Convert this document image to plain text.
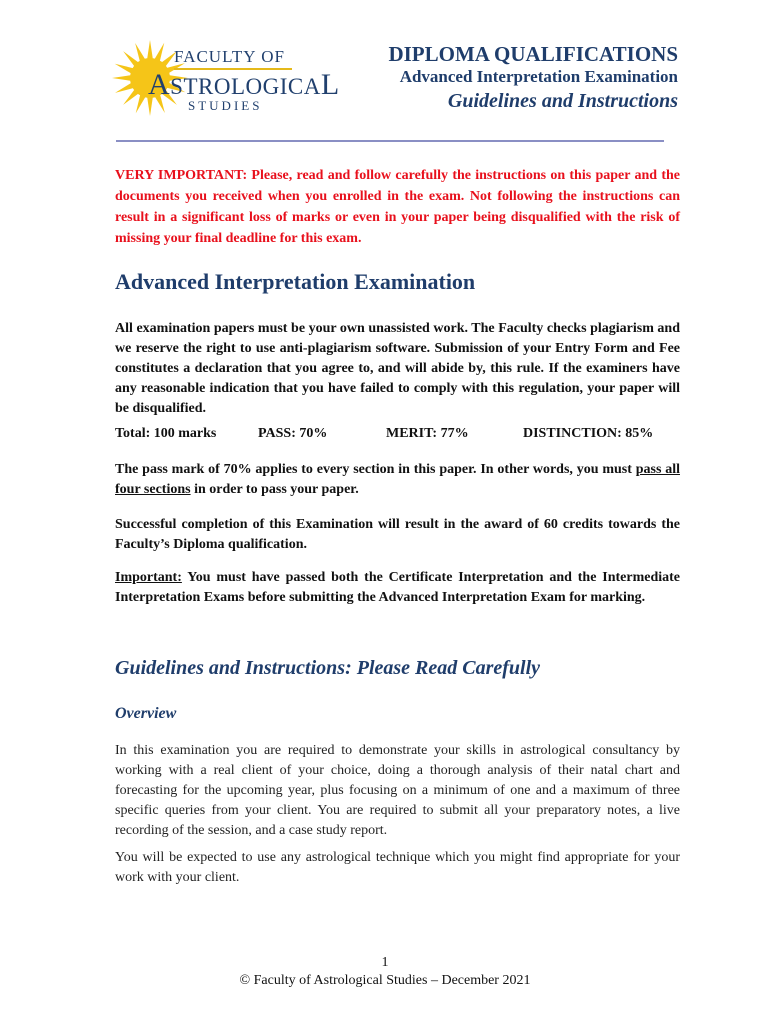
FACULTY OF
ASTROLOGICAL
STUDIES
DIPLOMA QUALIFICATIONS
Advanced Interpretation Examination
Guidelines and Instructions
VERY IMPORTANT: Please, read and follow carefully the instructions on this paper and the documents you received when you enrolled in the exam. Not following the instructions can result in a significant loss of marks or even in your paper being disqualified with the risk of missing your final deadline for this exam.
Advanced Interpretation Examination
All examination papers must be your own unassisted work. The Faculty checks plagiarism and we reserve the right to use anti-plagiarism software. Submission of your Entry Form and Fee constitutes a declaration that you agree to, and will abide by, this rule. If the examiners have any reasonable indication that you have failed to comply with this regulation, your paper will be disqualified.
Total: 100 marks	PASS: 70%	MERIT: 77%	DISTINCTION: 85%
The pass mark of 70% applies to every section in this paper. In other words, you must pass all four sections in order to pass your paper.
Successful completion of this Examination will result in the award of 60 credits towards the Faculty’s Diploma qualification.
Important: You must have passed both the Certificate Interpretation and the Intermediate Interpretation Exams before submitting the Advanced Interpretation Exam for marking.
Guidelines and Instructions: Please Read Carefully
Overview
In this examination you are required to demonstrate your skills in astrological consultancy by working with a real client of your choice, doing a thorough analysis of their natal chart and forecasting for the upcoming year, plus focusing on a minimum of one and a maximum of three specific queries from your client. You are required to submit all your preparatory notes, a live recording of the session, and a case study report.
You will be expected to use any astrological technique which you might find appropriate for your work with your client.
1
© Faculty of Astrological Studies – December 2021
